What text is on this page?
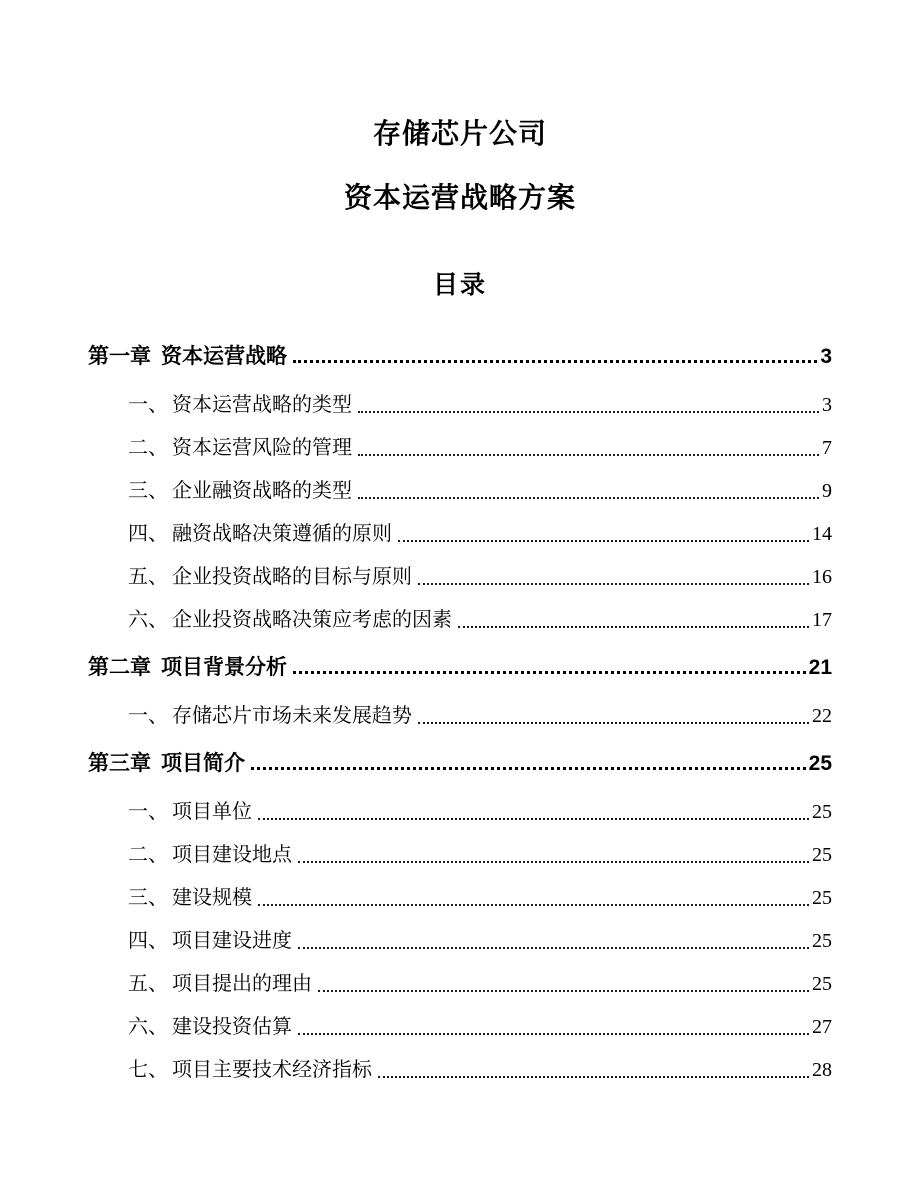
存储芯片公司
资本运营战略方案
目录
第一章 资本运营战略	3
一、 资本运营战略的类型	3
二、 资本运营风险的管理	7
三、 企业融资战略的类型	9
四、 融资战略决策遵循的原则	14
五、 企业投资战略的目标与原则	16
六、 企业投资战略决策应考虑的因素	17
第二章 项目背景分析	21
一、 存储芯片市场未来发展趋势	22
第三章 项目简介	25
一、 项目单位	25
二、 项目建设地点	25
三、 建设规模	25
四、 项目建设进度	25
五、 项目提出的理由	25
六、 建设投资估算	27
七、 项目主要技术经济指标	28
